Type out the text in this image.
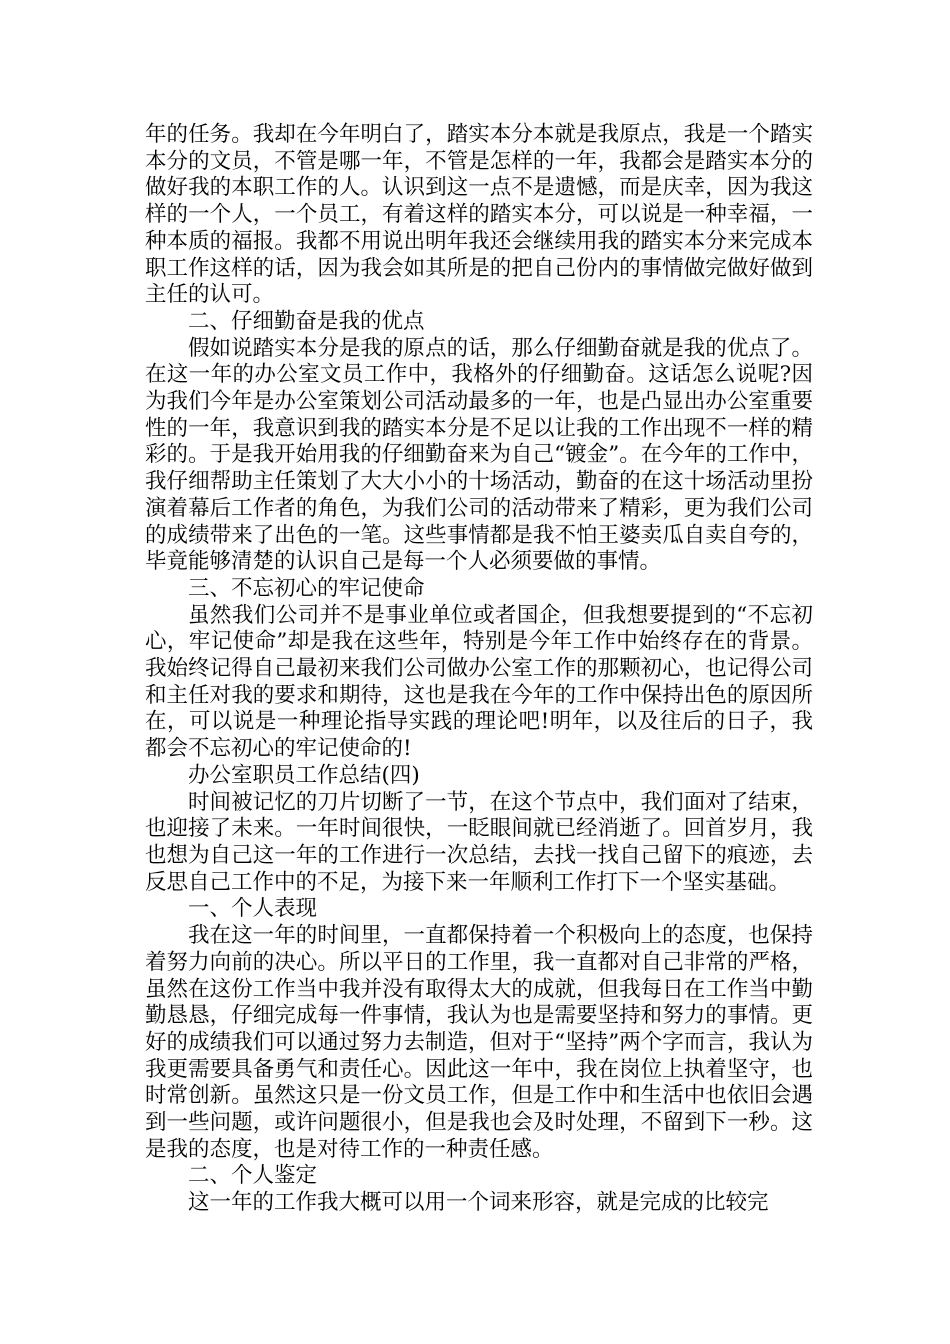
年的任务。我却在今年明白了，踏实本分本就是我原点，我是一个踏实本分的文员，不管是哪一年，不管是怎样的一年，我都会是踏实本分的做好我的本职工作的人。认识到这一点不是遗憾，而是庆幸，因为我这样的一个人，一个员工，有着这样的踏实本分，可以说是一种幸福，一种本质的福报。我都不用说出明年我还会继续用我的踏实本分来完成本职工作这样的话，因为我会如其所是的把自己份内的事情做完做好做到主任的认可。

二、仔细勤奋是我的优点

假如说踏实本分是我的原点的话，那么仔细勤奋就是我的优点了。在这一年的办公室文员工作中，我格外的仔细勤奋。这话怎么说呢?因为我们今年是办公室策划公司活动最多的一年，也是凸显出办公室重要性的一年，我意识到我的踏实本分是不足以让我的工作出现不一样的精彩的。于是我开始用我的仔细勤奋来为自己“镀金”。在今年的工作中，我仔细帮助主任策划了大大小小的十场活动，勤奋的在这十场活动里扮演着幕后工作者的角色，为我们公司的活动带来了精彩，更为我们公司的成绩带来了出色的一笔。这些事情都是我不怕王婆卖瓜自卖自夸的，毕竟能够清楚的认识自己是每一个人必须要做的事情。

三、不忘初心的牢记使命

虽然我们公司并不是事业单位或者国企，但我想要提到的“不忘初心，牢记使命”却是我在这些年，特别是今年工作中始终存在的背景。我始终记得自己最初来我们公司做办公室工作的那颗初心，也记得公司和主任对我的要求和期待，这也是我在今年的工作中保持出色的原因所在，可以说是一种理论指导实践的理论吧!明年，以及往后的日子，我都会不忘初心的牢记使命的!

办公室职员工作总结(四)

时间被记忆的刀片切断了一节，在这个节点中，我们面对了结束，也迎接了未来。一年时间很快，一眨眼间就已经消逝了。回首岁月，我也想为自己这一年的工作进行一次总结，去找一找自己留下的痕迹，去反思自己工作中的不足，为接下来一年顺利工作打下一个坚实基础。

一、个人表现

我在这一年的时间里，一直都保持着一个积极向上的态度，也保持着努力向前的决心。所以平日的工作里，我一直都对自己非常的严格，虽然在这份工作当中我并没有取得太大的成就，但我每日在工作当中勤勤恳恳，仔细完成每一件事情，我认为也是需要坚持和努力的事情。更好的成绩我们可以通过努力去制造，但对于“坚持”两个字而言，我认为我更需要具备勇气和责任心。因此这一年中，我在岗位上执着坚守，也时常创新。虽然这只是一份文员工作，但是工作中和生活中也依旧会遇到一些问题，或许问题很小，但是我也会及时处理，不留到下一秒。这是我的态度，也是对待工作的一种责任感。

二、个人鉴定

这一年的工作我大概可以用一个词来形容，就是完成的比较完
